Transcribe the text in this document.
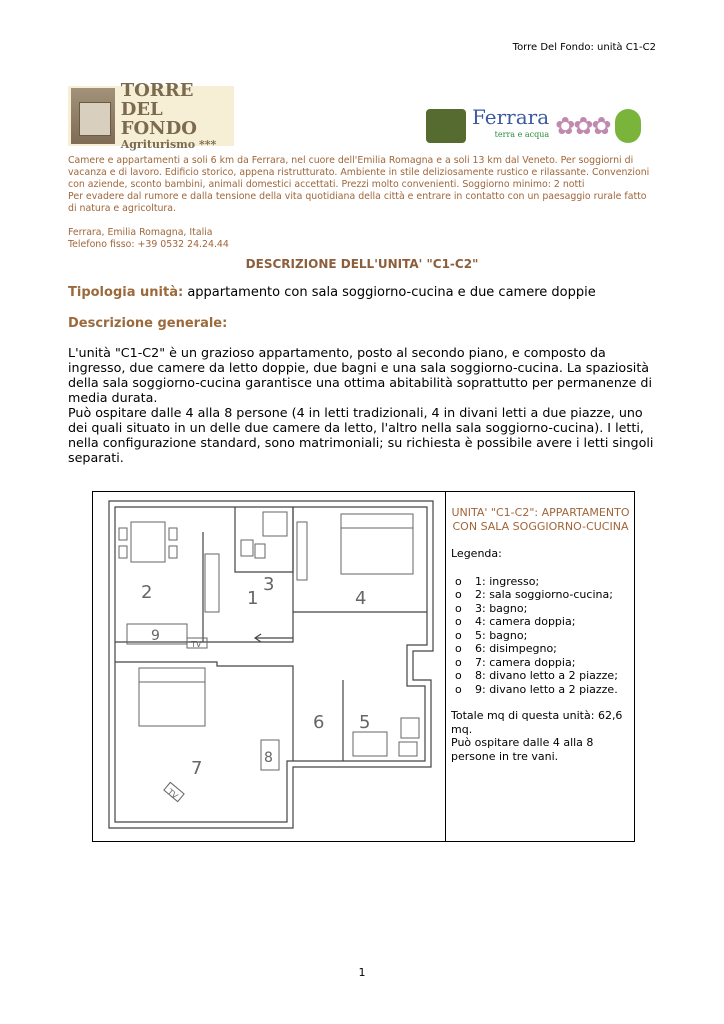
Torre Del Fondo: unità C1-C2
TORRE
DEL FONDO
Agriturismo ***
Ferrara
terra e acqua ✿✿✿

Camere e appartamenti a soli 6 km da Ferrara, nel cuore dell'Emilia Romagna e a soli 13 km dal Veneto. Per soggiorni di vacanza e di lavoro. Edificio storico, appena ristrutturato. Ambiente in stile deliziosamente rustico e rilassante. Convenzioni con aziende, sconto bambini, animali domestici accettati. Prezzi molto convenienti. Soggiorno minimo: 2 notti

Per evadere dal rumore e dalla tensione della vita quotidiana della città e entrare in contatto con un paesaggio rurale fatto di natura e agricoltura.

Ferrara, Emilia Romagna, Italia

Telefono fisso: +39 0532 24.24.44

DESCRIZIONE DELL'UNITA' "C1-C2"
Tipologia unità: appartamento con sala soggiorno-cucina e due camere doppie
Descrizione generale:

L'unità "C1-C2" è un grazioso appartamento, posto al secondo piano, e composto da ingresso, due camere da letto doppie, due bagni e una sala soggiorno-cucina. La spaziosità della sala soggiorno-cucina garantisce una ottima abitabilità soprattutto per permanenze di media durata.

Può ospitare dalle 4 alla 8 persone (4 in letti tradizionali, 4 in divani letti a due piazze, uno dei quali situato in un delle due camere da letto, l'altro nella sala soggiorno-cucina). I letti, nella configurazione standard, sono matrimoniali; su richiesta è possibile avere i letti singoli separati.

1
2	3
4
5
6
7	8
9
TV
TV
UNITA' "C1-C2": APPARTAMENTO CON SALA SOGGIORNO-CUCINA
Legenda:
o	1: ingresso;
o	2: sala soggiorno-cucina;
o	3: bagno;
o	4: camera doppia;
o	5: bagno;
o	6: disimpegno;
o	7: camera doppia;
o	8: divano letto a 2 piazze;
o	9: divano letto a 2 piazze.
Totale mq di questa unità: 62,6 mq.
Può ospitare dalle 4 alla 8 persone in tre vani.
1
